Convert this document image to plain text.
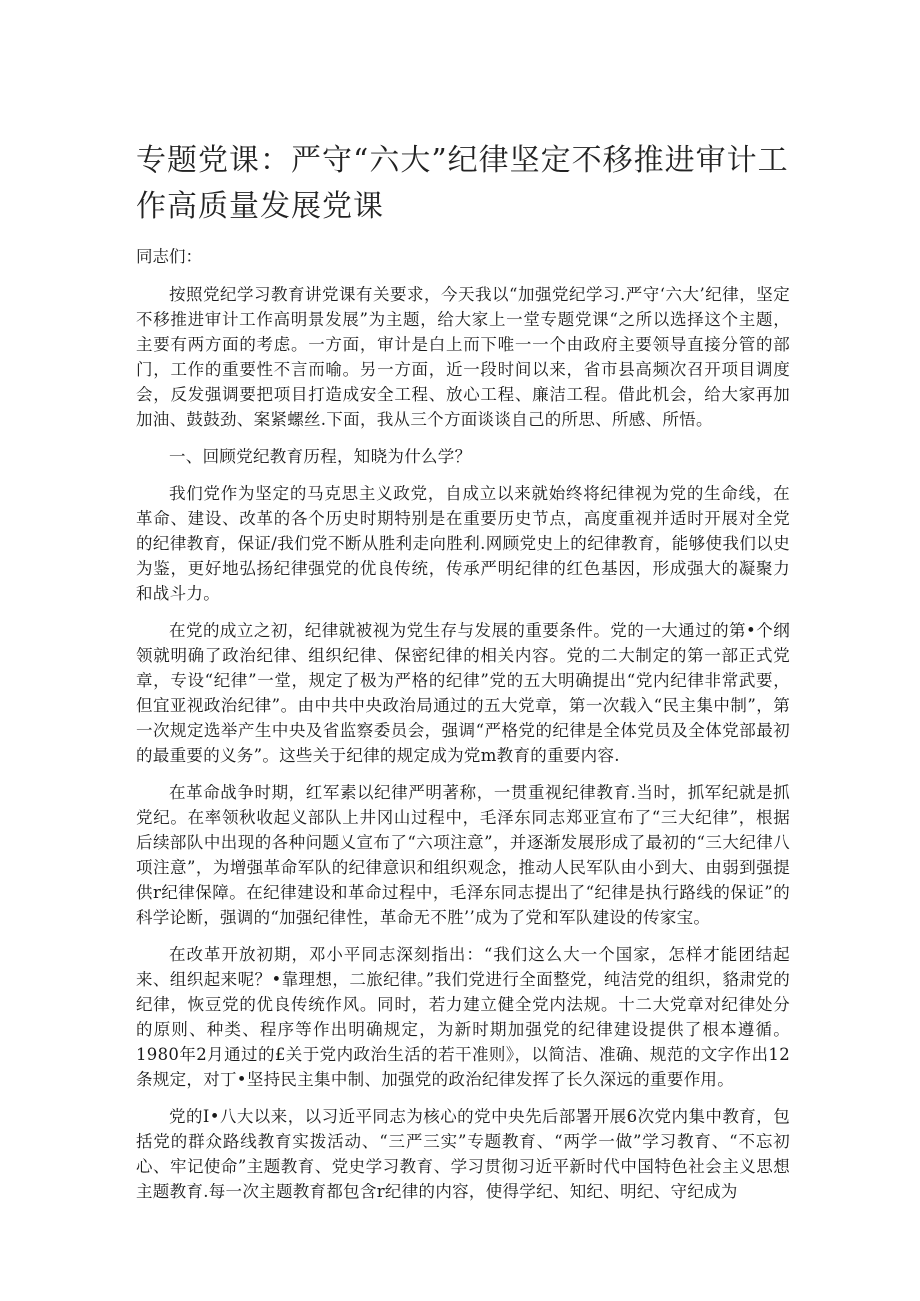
专题党课：严守“六大”纪律坚定不移推进审计工
作高质量发展党课

同志们：

按照党纪学习教育讲党课有关要求，今天我以“加强党纪学习.严守‘六大’纪律，坚定不移推进审计工作高明景发展”为主题，给大家上一堂专题党课“之所以选择这个主题，主要有两方面的考虑。一方面，审计是白上而下唯一一个由政府主要领导直接分管的部门，工作的重要性不言而喻。另一方面，近一段时间以来，省市县高频次召开项目调度会，反发强调要把项目打造成安全工程、放心工程、廉洁工程。借此机会，给大家再加加油、鼓鼓劲、案紧螺丝.下面，我从三个方面谈谈自己的所思、所感、所悟。

一、回顾党纪教育历程，知晓为什么学？

我们党作为坚定的马克思主义政党，自成立以来就始终将纪律视为党的生命线，在革命、建设、改革的各个历史时期特别是在重要历史节点，高度重视并适时开展对全党的纪律教育，保证/我们党不断从胜利走向胜利.网顾党史上的纪律教育，能够使我们以史为鉴，更好地弘扬纪律强党的优良传统，传承严明纪律的红色基因，形成强大的凝聚力和战斗力。

在党的成立之初，纪律就被视为党生存与发展的重要条件。党的一大通过的第•个纲领就明确了政治纪律、组织纪律、保密纪律的相关内容。党的二大制定的第一部正式党章，专设“纪律”一堂，规定了极为严格的纪律”党的五大明确提出“党内纪律非常武要，但宜亚视政治纪律”。由中共中央政治局通过的五大党章，第一次载入“民主集中制”，第一次规定选举产生中央及省监察委员会，强调“严格党的纪律是全体党员及全体党部最初的最重要的义务”。这些关于纪律的规定成为党m教育的重要内容.

在革命战争时期，红军素以纪律严明著称，一贯重视纪律教育.当时，抓军纪就是抓党纪。在率领秋收起义部队上井冈山过程中，毛泽东同志郑亚宣布了“三大纪律”，根据后续部队中出现的各种问题乂宣布了“六项注意”，并逐渐发展形成了最初的“三大纪律八项注意”，为增强革命军队的纪律意识和组织观念，推动人民军队由小到大、由弱到强提供r纪律保障。在纪律建设和革命过程中，毛泽东同志提出了“纪律是执行路线的保证”的科学论断，强调的“加强纪律性，革命无不胜’’成为了党和军队建设的传家宝。

在改革开放初期，邓小平同志深刻指出：“我们这么大一个国家，怎样才能团结起来、组织起来呢？•靠理想，二旅纪律。”我们党进行全面整党，纯洁党的组织，貉肃党的纪律，恢豆党的优良传统作风。同时，若力建立健全党内法规。十二大党章对纪律处分的原则、种类、程序等作出明确规定，为新时期加强党的纪律建设提供了根本遵循。1980年2月通过的£关于党内政治生活的若干准则》，以简洁、准确、规范的文字作出12条规定，对丁•坚持民主集中制、加强党的政治纪律发挥了长久深远的重要作用。

党的I•八大以来，以习近平同志为核心的党中央先后部署开展6次党内集中教育，包括党的群众路线教育实拨活动、“三严三实”专题教育、“两学一做”学习教育、“不忘初心、牢记使命”主题教育、党史学习教育、学习贯彻习近平新时代中国特色社会主义思想主题教育.每一次主题教育都包含r纪律的内容，使得学纪、知纪、明纪、守纪成为
